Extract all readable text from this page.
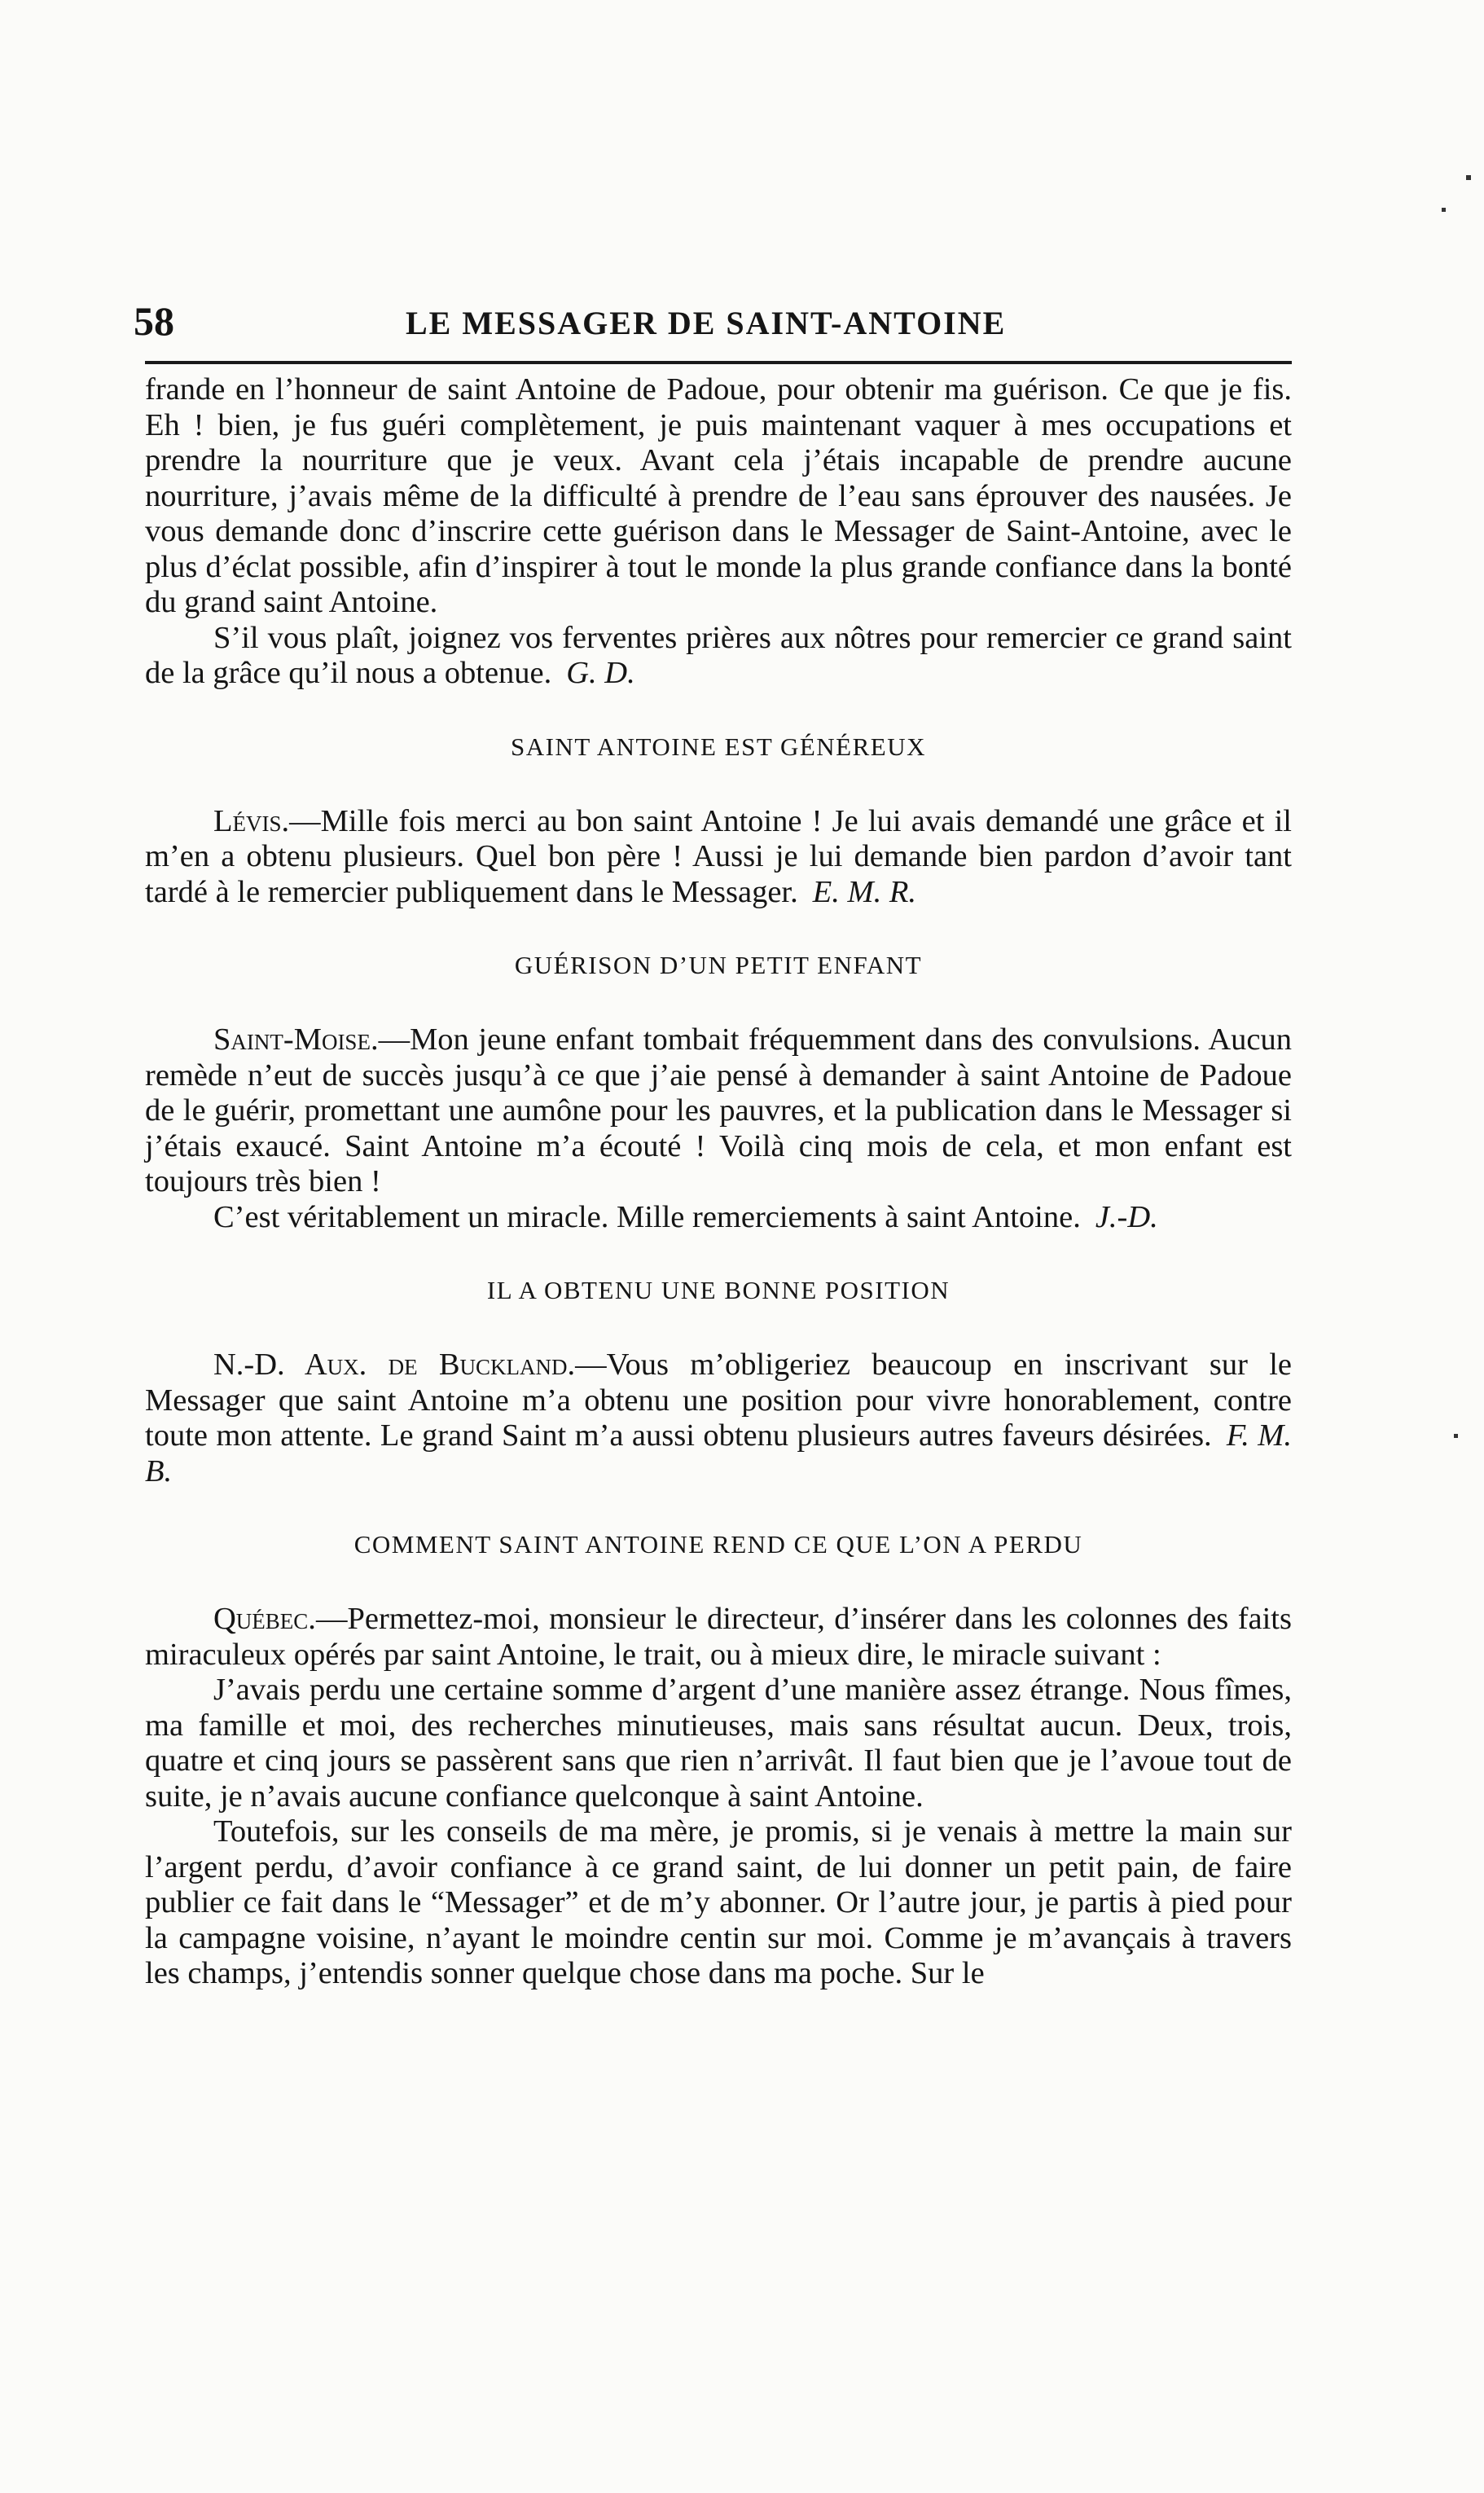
58	LE MESSAGER DE SAINT-ANTOINE

frande en l’honneur de saint Antoine de Padoue, pour obtenir ma guérison. Ce que je fis. Eh ! bien, je fus guéri complètement, je puis maintenant vaquer à mes occupations et prendre la nourriture que je veux. Avant cela j’étais incapable de prendre aucune nourriture, j’avais même de la difficulté à prendre de l’eau sans éprouver des nausées. Je vous demande donc d’inscrire cette guérison dans le Messager de Saint-Antoine, avec le plus d’éclat possible, afin d’inspirer à tout le monde la plus grande confiance dans la bonté du grand saint Antoine.

S’il vous plaît, joignez vos ferventes prières aux nôtres pour remercier ce grand saint de la grâce qu’il nous a obtenue. G. D.

SAINT ANTOINE EST GÉNÉREUX

Lévis.—Mille fois merci au bon saint Antoine ! Je lui avais demandé une grâce et il m’en a obtenu plusieurs. Quel bon père ! Aussi je lui demande bien pardon d’avoir tant tardé à le remercier publiquement dans le Messager. E. M. R.

GUÉRISON D’UN PETIT ENFANT

Saint-Moise.—Mon jeune enfant tombait fréquemment dans des convulsions. Aucun remède n’eut de succès jusqu’à ce que j’aie pensé à demander à saint Antoine de Padoue de le guérir, promettant une aumône pour les pauvres, et la publication dans le Messager si j’étais exaucé. Saint Antoine m’a écouté ! Voilà cinq mois de cela, et mon enfant est toujours très bien !

C’est véritablement un miracle. Mille remerciements à saint Antoine. J.-D.

IL A OBTENU UNE BONNE POSITION

N.-D. Aux. de Buckland.—Vous m’obligeriez beaucoup en inscrivant sur le Messager que saint Antoine m’a obtenu une position pour vivre honorablement, contre toute mon attente. Le grand Saint m’a aussi obtenu plusieurs autres faveurs désirées. F. M. B.

COMMENT SAINT ANTOINE REND CE QUE L’ON A PERDU

Québec.—Permettez-moi, monsieur le directeur, d’insérer dans les colonnes des faits miraculeux opérés par saint Antoine, le trait, ou à mieux dire, le miracle suivant :

J’avais perdu une certaine somme d’argent d’une manière assez étrange. Nous fîmes, ma famille et moi, des recherches minutieuses, mais sans résultat aucun. Deux, trois, quatre et cinq jours se passèrent sans que rien n’arrivât. Il faut bien que je l’avoue tout de suite, je n’avais aucune confiance quelconque à saint Antoine.

Toutefois, sur les conseils de ma mère, je promis, si je venais à mettre la main sur l’argent perdu, d’avoir confiance à ce grand saint, de lui donner un petit pain, de faire publier ce fait dans le “Messager” et de m’y abonner. Or l’autre jour, je partis à pied pour la campagne voisine, n’ayant le moindre centin sur moi. Comme je m’avançais à travers les champs, j’entendis sonner quelque chose dans ma poche. Sur le
